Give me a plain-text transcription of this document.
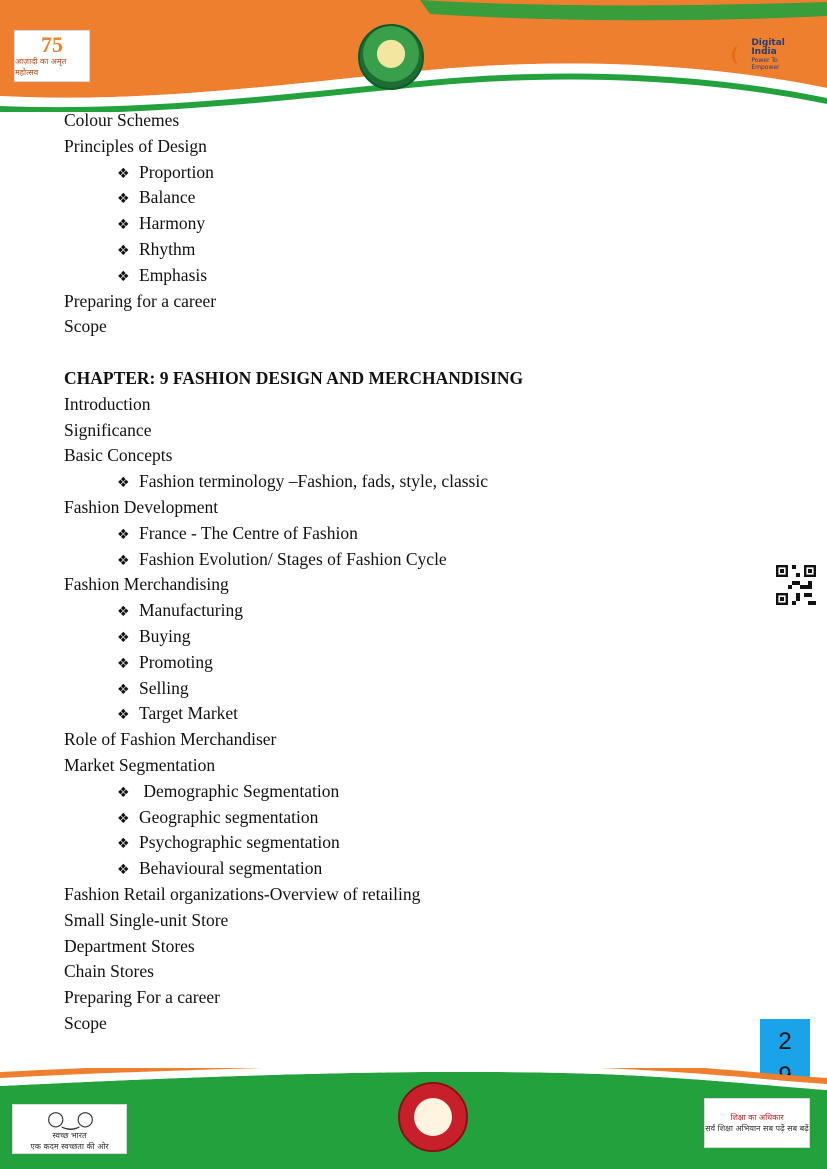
75
आज़ादी का अमृत महोत्सव
Digital India
Power To Empower
Colour Schemes
Principles of Design
❖ Proportion
❖ Balance
❖ Harmony
❖ Rhythm
❖ Emphasis
Preparing for a career
Scope
CHAPTER: 9 FASHION DESIGN AND MERCHANDISING
Introduction
Significance
Basic Concepts
❖ Fashion terminology –Fashion, fads, style, classic
Fashion Development
❖ France - The Centre of Fashion
❖ Fashion Evolution/ Stages of Fashion Cycle
Fashion Merchandising
❖ Manufacturing
❖ Buying
❖ Promoting
❖ Selling
❖ Target Market
Role of Fashion Merchandiser
Market Segmentation
❖ Demographic Segmentation
❖ Geographic segmentation
❖ Psychographic segmentation
❖ Behavioural segmentation
Fashion Retail organizations-Overview of retailing
Small Single-unit Store
Department Stores
Chain Stores
Preparing For a career
Scope
2
○‿○
स्वच्छ भारत
एक कदम स्वच्छता की ओर
शिक्षा का अधिकार
सर्व शिक्षा अभियान सब पढ़ें सब बढ़ें
